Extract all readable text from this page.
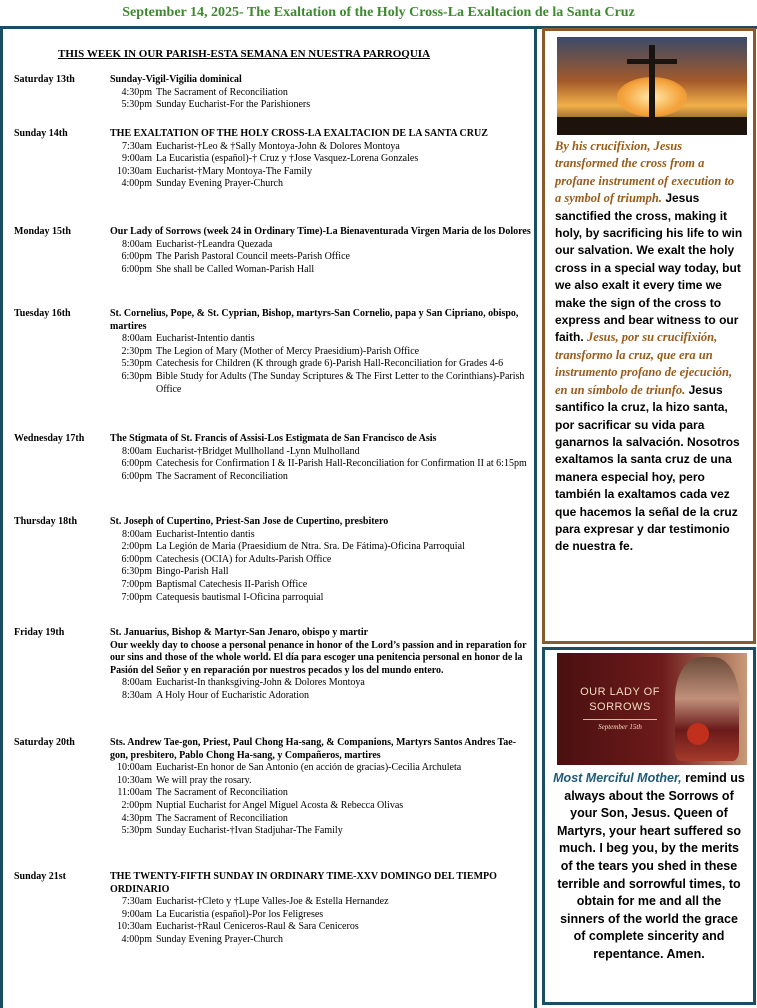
September 14, 2025- The Exaltation of the Holy Cross-La Exaltacion de la Santa Cruz
THIS WEEK IN OUR PARISH-ESTA SEMANA EN NUESTRA PARROQUIA
Saturday 13th	Sunday-Vigil-Vigilia dominical
4:30pm The Sacrament of Reconciliation
5:30pm Sunday Eucharist-For the Parishioners
Sunday 14th	THE EXALTATION OF THE HOLY CROSS-LA EXALTACION DE LA SANTA CRUZ
7:30am Eucharist-†Leo & †Sally Montoya-John & Dolores Montoya
9:00am La Eucaristia (español)-† Cruz y †Jose Vasquez-Lorena Gonzales
10:30am Eucharist-†Mary Montoya-The Family
4:00pm Sunday Evening Prayer-Church
Monday 15th	Our Lady of Sorrows (week 24 in Ordinary Time)-La Bienaventurada Virgen Maria de los Dolores
8:00am Eucharist-†Leandra Quezada
6:00pm The Parish Pastoral Council meets-Parish Office
6:00pm She shall be Called Woman-Parish Hall
Tuesday 16th	St. Cornelius, Pope, & St. Cyprian, Bishop, martyrs-San Cornelio, papa y San Cipriano, obispo, martires
8:00am Eucharist-Intentio dantis
2:30pm The Legion of Mary (Mother of Mercy Praesidium)-Parish Office
5:30pm Catechesis for Children (K through grade 6)-Parish Hall-Reconciliation for Grades 4-6
6:30pm Bible Study for Adults (The Sunday Scriptures & The First Letter to the Corinthians)-Parish Office
Wednesday 17th	The Stigmata of St. Francis of Assisi-Los Estigmata de San Francisco de Asis
8:00am Eucharist-†Bridget Mullholland -Lynn Mulholland
6:00pm Catechesis for Confirmation I & II-Parish Hall-Reconciliation for Confirmation II at 6:15pm
6:00pm The Sacrament of Reconciliation
Thursday 18th	St. Joseph of Cupertino, Priest-San Jose de Cupertino, presbitero
8:00am Eucharist-Intentio dantis
2:00pm La Legión de Maria (Praesidium de Ntra. Sra. De Fátima)-Oficina Parroquial
6:00pm Catechesis (OCIA) for Adults-Parish Office
6:30pm Bingo-Parish Hall
7:00pm Baptismal Catechesis II-Parish Office
7:00pm Catequesis bautismal I-Oficina parroquial
Friday 19th	St. Januarius, Bishop & Martyr-San Jenaro, obispo y martir
Our weekly day to choose a personal penance in honor of the Lord’s passion and in reparation for our sins and those of the whole world. El día para escoger una penitencia personal en honor de la Pasión del Señor y en reparación por nuestros pecados y los del mundo entero.
8:00am Eucharist-In thanksgiving-John & Dolores Montoya
8:30am A Holy Hour of Eucharistic Adoration
Saturday 20th	Sts. Andrew Tae-gon, Priest, Paul Chong Ha-sang, & Companions, Martyrs Santos Andres Tae-gon, presbitero, Pablo Chong Ha-sang, y Compañeros, martires
10:00am Eucharist-En honor de San Antonio (en acción de gracias)-Cecilia Archuleta
10:30am We will pray the rosary.
11:00am The Sacrament of Reconciliation
2:00pm Nuptial Eucharist for Angel Miguel Acosta & Rebecca Olivas
4:30pm The Sacrament of Reconciliation
5:30pm Sunday Eucharist-†Ivan Stadjuhar-The Family
Sunday 21st	THE TWENTY-FIFTH SUNDAY IN ORDINARY TIME-XXV DOMINGO DEL TIEMPO ORDINARIO
7:30am Eucharist-†Cleto y †Lupe Valles-Joe & Estella Hernandez
9:00am La Eucaristia (español)-Por los Feligreses
10:30am Eucharist-†Raul Ceniceros-Raul & Sara Ceniceros
4:00pm Sunday Evening Prayer-Church
By his crucifixion, Jesus transformed the cross from a profane instrument of execution to a symbol of triumph. Jesus sanctified the cross, making it holy, by sacrificing his life to win our salvation. We exalt the holy cross in a special way today, but we also exalt it every time we make the sign of the cross to express and bear witness to our faith. Jesus, por su crucifixión, transformo la cruz, que era un instrumento profano de ejecución, en un símbolo de triunfo. Jesus santifico la cruz, la hizo santa, por sacrificar su vida para ganarnos la salvación. Nosotros exaltamos la santa cruz de una manera especial hoy, pero también la exaltamos cada vez que hacemos la señal de la cruz para expresar y dar testimonio de nuestra fe.
OUR LADY OF SORROWS
September 15th
Most Merciful Mother, remind us always about the Sorrows of your Son, Jesus. Queen of Martyrs, your heart suffered so much. I beg you, by the merits of the tears you shed in these terrible and sorrowful times, to obtain for me and all the sinners of the world the grace of complete sincerity and repentance. Amen.
